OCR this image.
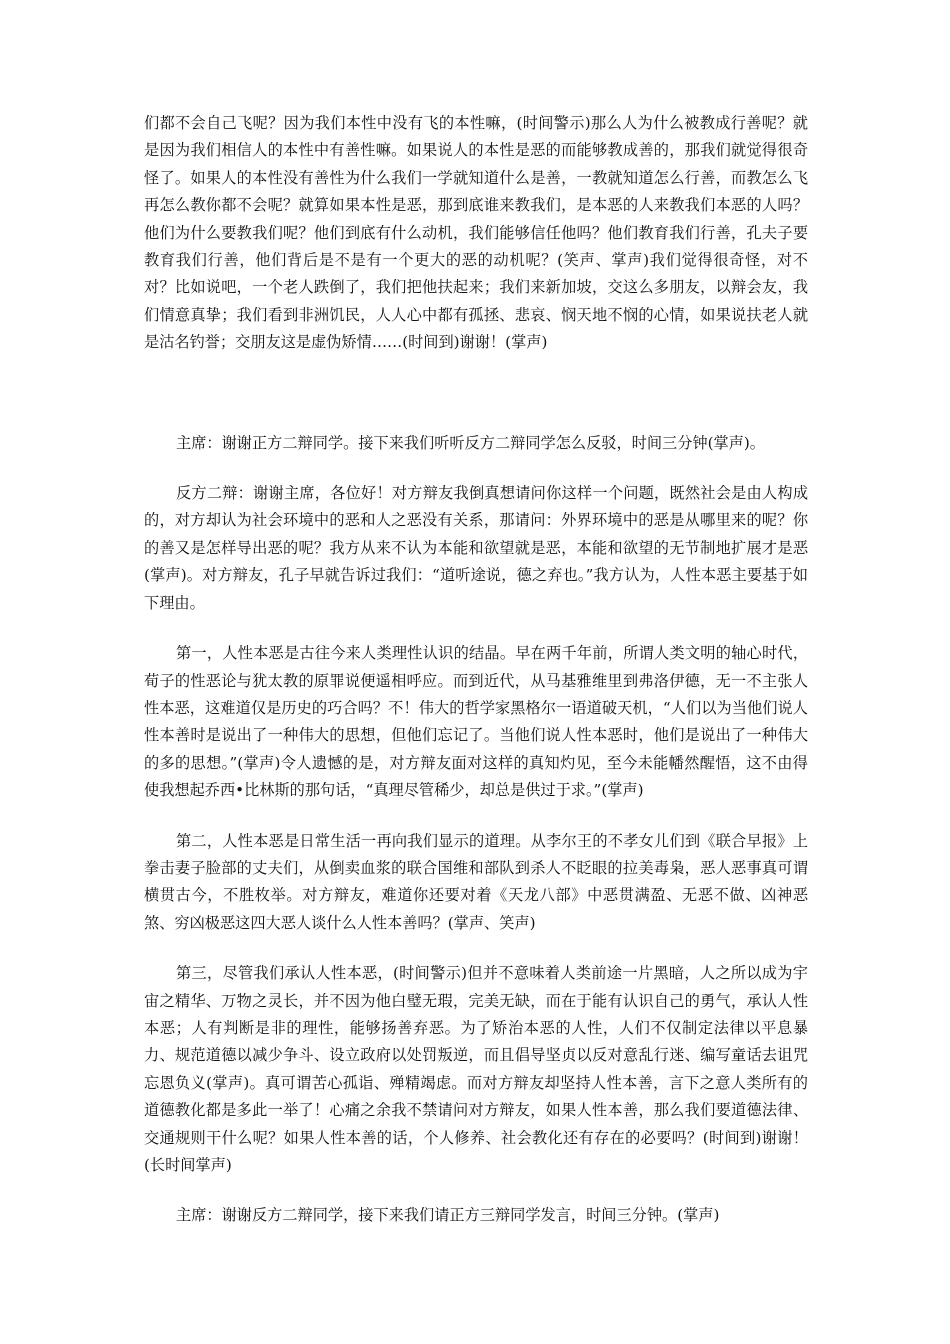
们都不会自己飞呢？因为我们本性中没有飞的本性嘛，(时间警示)那么人为什么被教成行善呢？就是因为我们相信人的本性中有善性嘛。如果说人的本性是恶的而能够教成善的，那我们就觉得很奇怪了。如果人的本性没有善性为什么我们一学就知道什么是善，一教就知道怎么行善，而教怎么飞再怎么教你都不会呢？就算如果本性是恶，那到底谁来教我们，是本恶的人来教我们本恶的人吗？他们为什么要教我们呢？他们到底有什么动机，我们能够信任他吗？他们教育我们行善，孔夫子要教育我们行善，他们背后是不是有一个更大的恶的动机呢？(笑声、掌声)我们觉得很奇怪，对不对？比如说吧，一个老人跌倒了，我们把他扶起来；我们来新加坡，交这么多朋友，以辩会友，我们情意真挚；我们看到非洲饥民，人人心中都有孤拯、悲哀、悯天地不悯的心情，如果说扶老人就是沽名钓誉；交朋友这是虚伪矫情……(时间到)谢谢！(掌声)

主席：谢谢正方二辩同学。接下来我们听听反方二辩同学怎么反驳，时间三分钟(掌声)。

反方二辩：谢谢主席，各位好！对方辩友我倒真想请问你这样一个问题，既然社会是由人构成的，对方却认为社会环境中的恶和人之恶没有关系，那请问：外界环境中的恶是从哪里来的呢？你的善又是怎样导出恶的呢？我方从来不认为本能和欲望就是恶，本能和欲望的无节制地扩展才是恶(掌声)。对方辩友，孔子早就告诉过我们：“道听途说，德之弃也。”我方认为，人性本恶主要基于如下理由。

第一，人性本恶是古往今来人类理性认识的结晶。早在两千年前，所谓人类文明的轴心时代，荀子的性恶论与犹太教的原罪说便遥相呼应。而到近代，从马基雅维里到弗洛伊德，无一不主张人性本恶，这难道仅是历史的巧合吗？不！伟大的哲学家黑格尔一语道破天机，“人们以为当他们说人性本善时是说出了一种伟大的思想，但他们忘记了。当他们说人性本恶时，他们是说出了一种伟大的多的思想。”(掌声)令人遗憾的是，对方辩友面对这样的真知灼见，至今未能幡然醒悟，这不由得使我想起乔西•比林斯的那句话，“真理尽管稀少，却总是供过于求。”(掌声)

第二，人性本恶是日常生活一再向我们显示的道理。从李尔王的不孝女儿们到《联合早报》上拳击妻子脸部的丈夫们，从倒卖血浆的联合国维和部队到杀人不眨眼的拉美毒枭，恶人恶事真可谓横贯古今，不胜枚举。对方辩友，难道你还要对着《天龙八部》中恶贯满盈、无恶不做、凶神恶煞、穷凶极恶这四大恶人谈什么人性本善吗？(掌声、笑声)

第三，尽管我们承认人性本恶，(时间警示)但并不意味着人类前途一片黑暗，人之所以成为宇宙之精华、万物之灵长，并不因为他白璧无瑕，完美无缺，而在于能有认识自己的勇气，承认人性本恶；人有判断是非的理性，能够扬善弃恶。为了矫治本恶的人性，人们不仅制定法律以平息暴力、规范道德以减少争斗、设立政府以处罚叛逆，而且倡导坚贞以反对意乱行迷、编写童话去诅咒忘恩负义(掌声)。真可谓苦心孤诣、殚精竭虑。而对方辩友却坚持人性本善，言下之意人类所有的道德教化都是多此一举了！心痛之余我不禁请问对方辩友，如果人性本善，那么我们要道德法律、交通规则干什么呢？如果人性本善的话，个人修养、社会教化还有存在的必要吗？(时间到)谢谢！(长时间掌声)

主席：谢谢反方二辩同学，接下来我们请正方三辩同学发言，时间三分钟。(掌声)
